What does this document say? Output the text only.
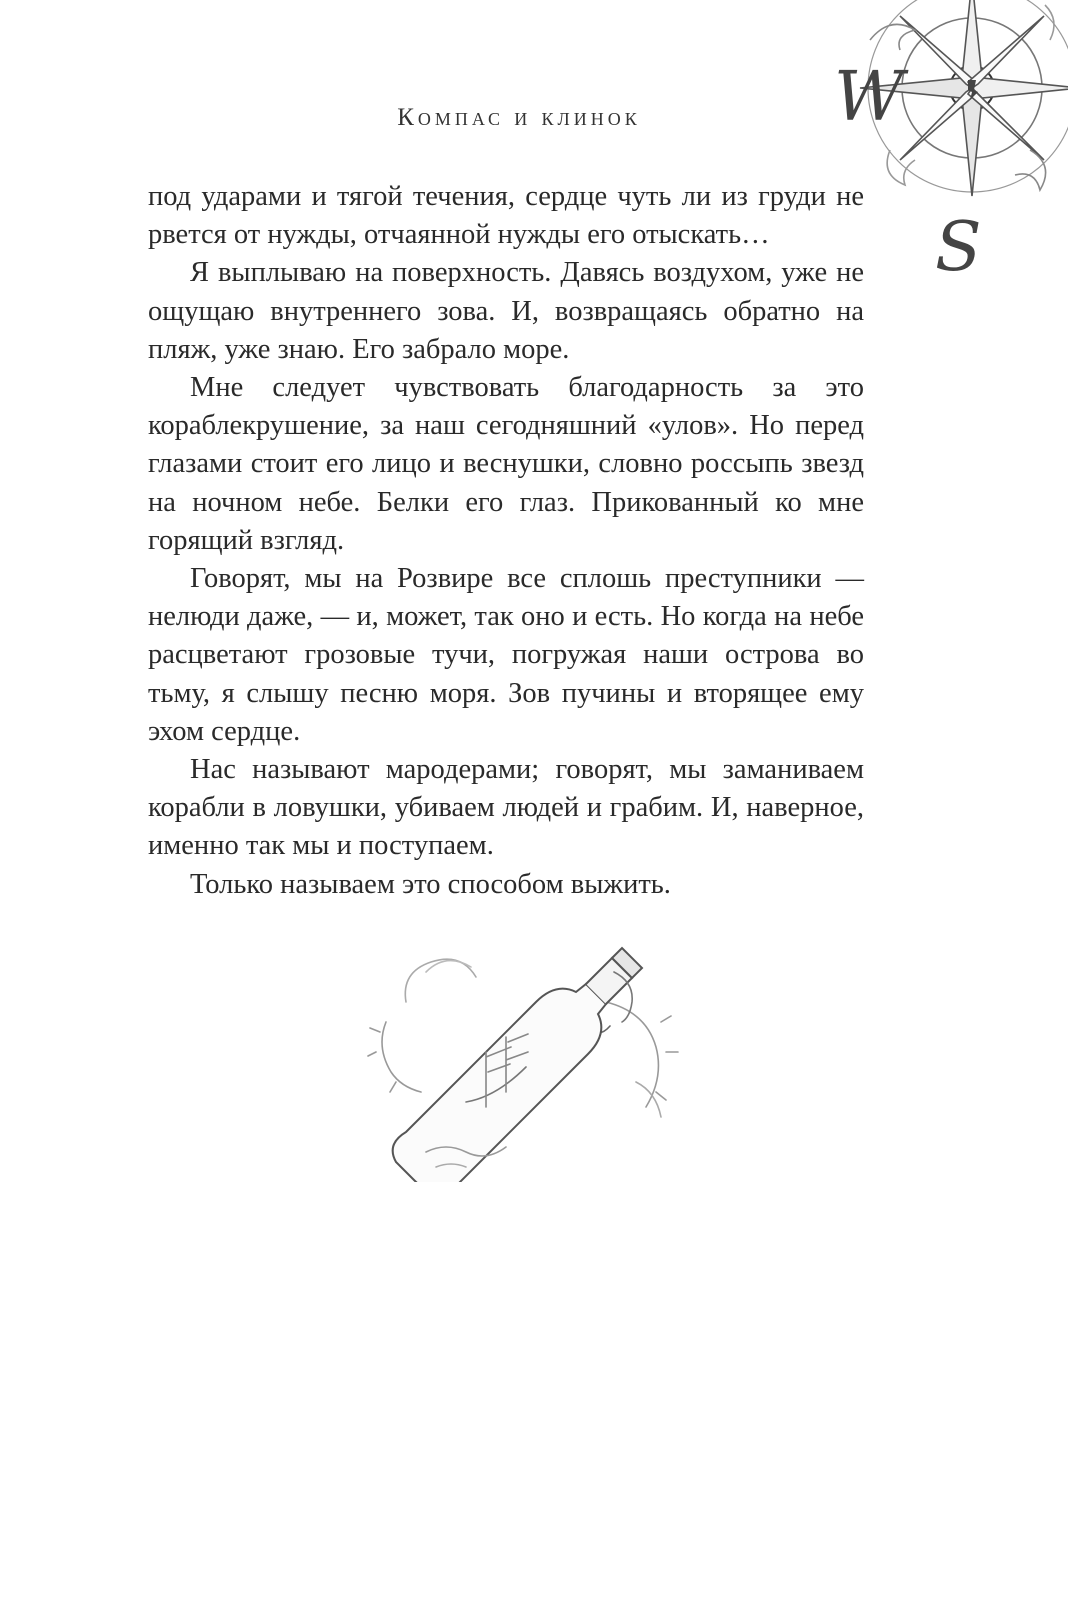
Компас и клинок	W
S

под ударами и тягой течения, сердце чуть ли из груди не рвется от нужды, отчаянной нужды его отыскать…

Я выплываю на поверхность. Давясь воздухом, уже не ощущаю внутреннего зова. И, возвращаясь обратно на пляж, уже знаю. Его забрало море.

Мне следует чувствовать благодарность за это кораблекрушение, за наш сегодняшний «улов». Но перед глазами стоит его лицо и веснушки, словно россыпь звезд на ночном небе. Белки его глаз. Прикованный ко мне горящий взгляд.

Говорят, мы на Розвире все сплошь преступники — нелюди даже, — и, может, так оно и есть. Но когда на небе расцветают грозовые тучи, погружая наши острова во тьму, я слышу песню моря. Зов пучины и вторящее ему эхом сердце.

Нас называют мародерами; говорят, мы заманиваем корабли в ловушки, убиваем людей и грабим. И, наверное, именно так мы и поступаем.

Только называем это способом выжить.
